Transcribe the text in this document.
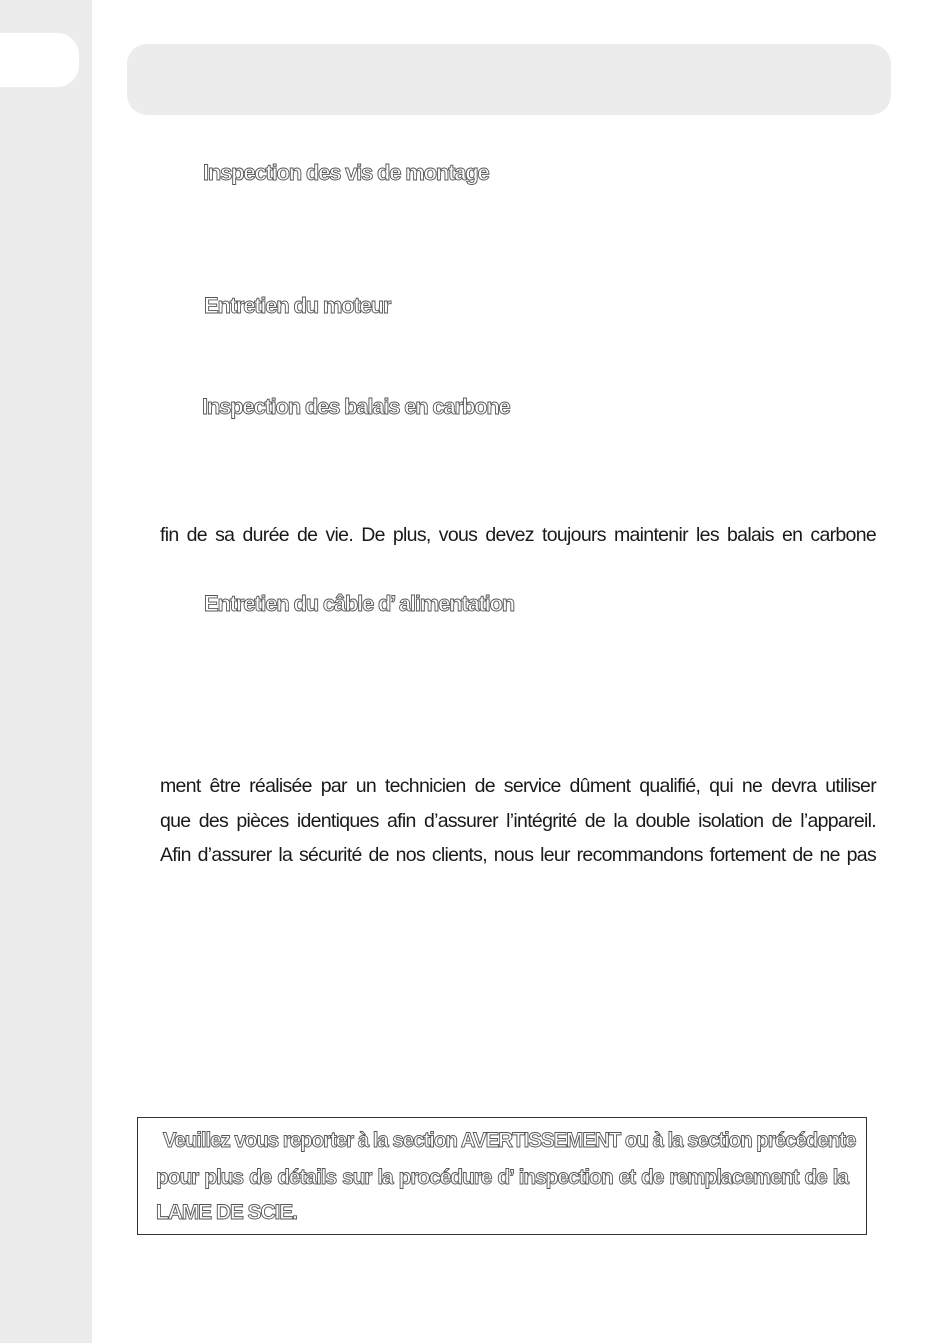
Inspection des vis de montage
Entretien du moteur
Inspection des balais en carbone

fin de sa durée de vie. De plus, vous devez toujours maintenir les balais en carbone

Entretien du câble d’ alimentation

ment être réalisée par un technicien de service dûment qualifié, qui ne devra utiliser

que des pièces identiques afin d’assurer l’intégrité de la double isolation de l’appareil.

Afin d’assurer la sécurité de nos clients, nous leur recommandons fortement de ne pas

Veuillez vous reporter à la section AVERTISSEMENT ou à la section précédente

pour plus de détails sur la procédure d’ inspection et de remplacement de la

LAME DE SCIE.
